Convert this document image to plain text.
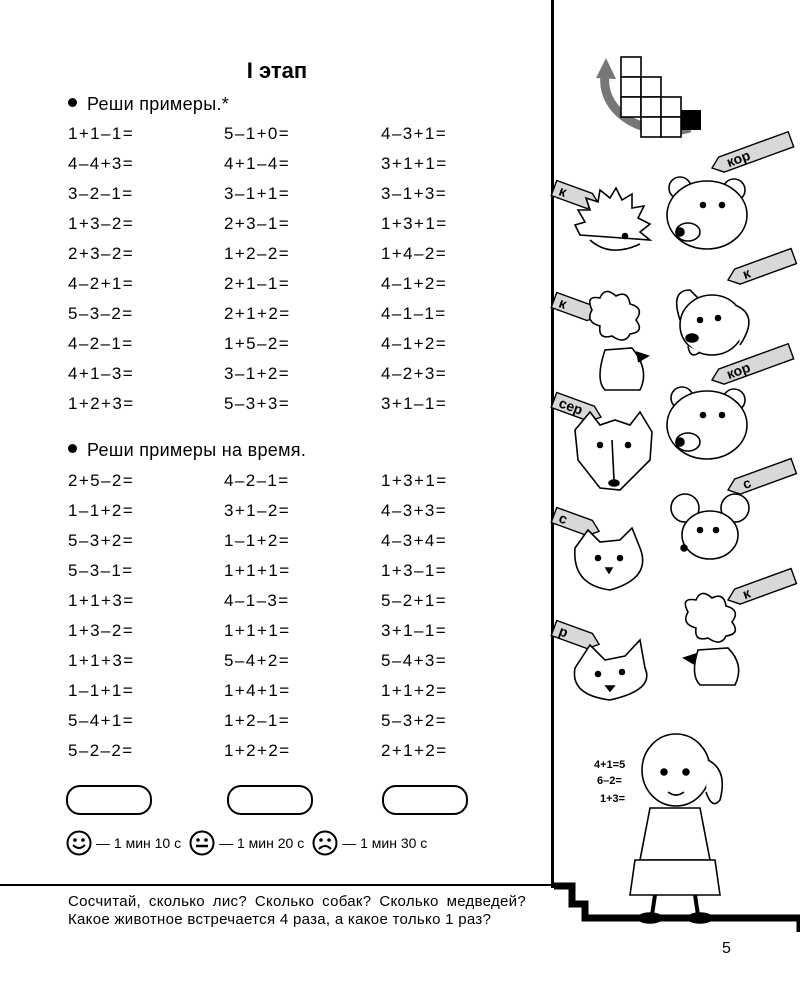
I этап
Реши примеры.*
1+1–1=
4–4+3=
3–2–1=
1+3–2=
2+3–2=
4–2+1=
5–3–2=
4–2–1=
4+1–3=
1+2+3=
5–1+0=
4+1–4=
3–1+1=
2+3–1=
1+2–2=
2+1–1=
2+1+2=
1+5–2=
3–1+2=
5–3+3=
4–3+1=
3+1+1=
3–1+3=
1+3+1=
1+4–2=
4–1+2=
4–1–1=
4–1+2=
4–2+3=
3+1–1=
Реши примеры на время.
2+5–2=
1–1+2=
5–3+2=
5–3–1=
1+1+3=
1+3–2=
1+1+3=
1–1+1=
5–4+1=
5–2–2=
4–2–1=
3+1–2=
1–1+2=
1+1+1=
4–1–3=
1+1+1=
5–4+2=
1+4+1=
1+2–1=
1+2+2=
1+3+1=
4–3+3=
4–3+4=
1+3–1=
5–2+1=
3+1–1=
5–4+3=
1+1+2=
5–3+2=
2+1+2=
— 1 мин 10 с	— 1 мин 20 с	— 1 мин 30 с
Сосчитай, сколько лис? Сколько собак? Сколько медведей? Какое животное встречается 4 раза, а какое только 1 раз?
5
кор
к
к
к
кор
сер
с
с
к
р
4+1=5
6–2=
1+3=
